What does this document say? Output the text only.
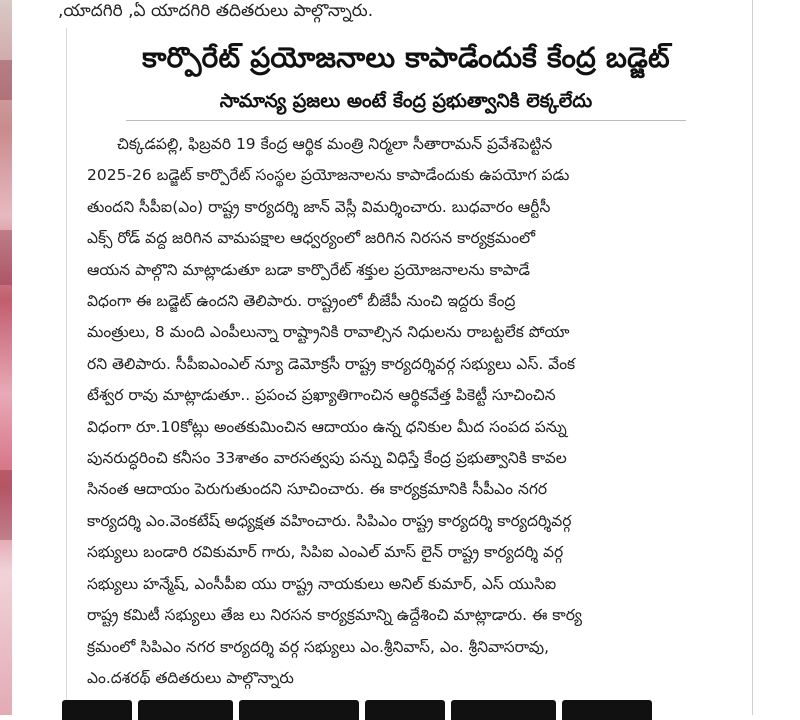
,యాదగిరి ,ఏ యాదగిరి తదితరులు పాల్గొన్నారు.
కార్పొరేట్ ప్రయోజనాలు కాపాడేందుకే కేంద్ర బడ్జెట్
సామాన్య ప్రజలు అంటే కేంద్ర ప్రభుత్వానికి లెక్కలేదు
చిక్కడపల్లి, ఫిబ్రవరి 19 కేంద్ర ఆర్థిక మంత్రి నిర్మలా సీతారామన్ ప్రవేశపెట్టిన
2025-26 బడ్జెట్ కార్పొరేట్ సంస్థల ప్రయోజనాలను కాపాడేందుకు ఉపయోగ పడు
తుందని సీపీఐ(ఎం) రాష్ట్ర కార్యదర్శి జాన్ వెస్లీ విమర్శించారు. బుధవారం ఆర్టీసీ
ఎక్స్ రోడ్ వద్ద జరిగిన వామపక్షాల ఆధ్వర్యంలో జరిగిన నిరసన కార్యక్రమంలో
ఆయన పాల్గొని మాట్లాడుతూ బడా కార్పొరేట్ శక్తుల ప్రయోజనాలను కాపాడే
విధంగా ఈ బడ్జెట్ ఉందని తెలిపారు. రాష్ట్రంలో బీజేపీ నుంచి ఇద్దరు కేంద్ర
మంత్రులు, 8 మంది ఎంపీలున్నా రాష్ట్రానికి రావాల్సిన నిధులను రాబట్టలేక పోయా
రని తెలిపారు. సీపీఐఎంఎల్ న్యూ డెమోక్రసీ రాష్ట్ర కార్యదర్శివర్గ సభ్యులు ఎస్. వేంక
టేశ్వర రావు మాట్లాడుతూ.. ప్రపంచ ప్రఖ్యాతిగాంచిన ఆర్థికవేత్త పికెట్టీ సూచించిన
విధంగా రూ.10కోట్లు అంతకుమించిన ఆదాయం ఉన్న ధనికుల మీద సంపద పన్ను
పునరుద్ధరించి కనీసం 33శాతం వారసత్వపు పన్ను విధిస్తే కేంద్ర ప్రభుత్వానికి కావల
సినంత ఆదాయం పెరుగుతుందని సూచించారు. ఈ కార్యక్రమానికి సీపీఎం నగర
కార్యదర్శి ఎం.వెంకటేష్ అధ్యక్షత వహించారు. సిపిఎం రాష్ట్ర కార్యదర్శి కార్యదర్శివర్గ
సభ్యులు బండారి రవికుమార్ గారు, సిపిఐ ఎంఎల్ మాస్ లైన్ రాష్ట్ర కార్యదర్శి వర్గ
సభ్యులు హన్మేష్, ఎంసీపీఐ యు రాష్ట్ర నాయకులు అనిల్ కుమార్, ఎస్ యుసిఐ
రాష్ట్ర కమిటీ సభ్యులు తేజ లు నిరసన కార్యక్రమాన్ని ఉద్దేశించి మాట్లాడారు. ఈ కార్య
క్రమంలో సిపిఎం నగర కార్యదర్శి వర్గ సభ్యులు ఎం.శ్రీనివాస్, ఎం. శ్రీనివాసరావు,
ఎం.దశరథ్ తదితరులు పాల్గొన్నారు
